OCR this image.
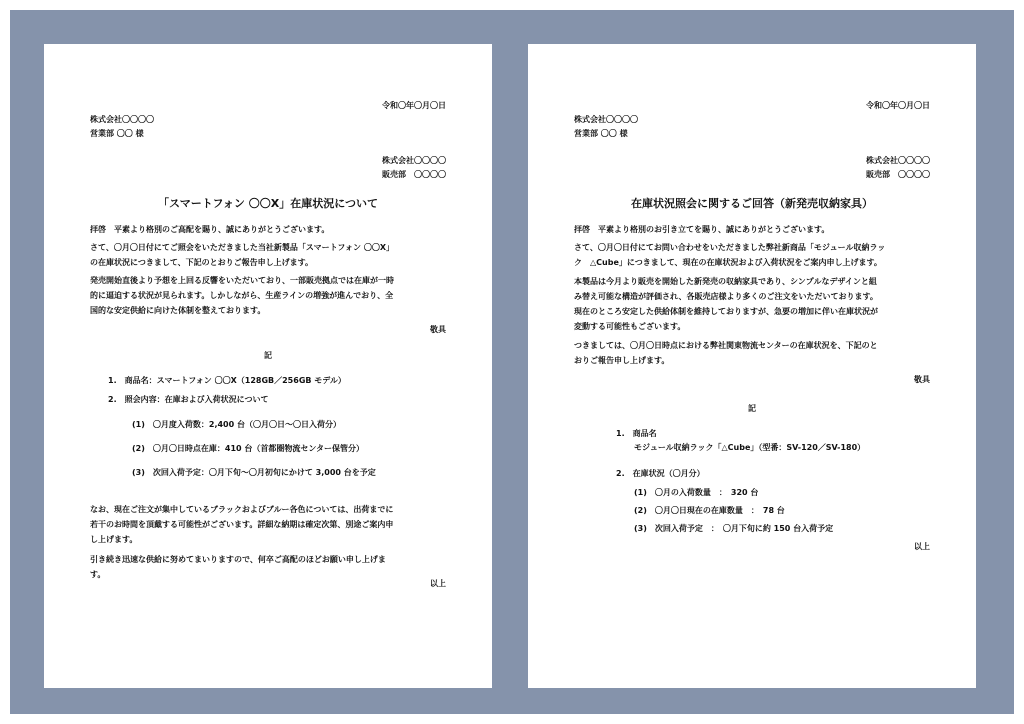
令和〇年〇月〇日
株式会社〇〇〇〇
営業部 〇〇 様
株式会社〇〇〇〇
販売部　〇〇〇〇
「スマートフォン 〇〇X」在庫状況について
拝啓　平素より格別のご高配を賜り、誠にありがとうございます。
さて、〇月〇日付にてご照会をいただきました当社新製品「スマートフォン 〇〇X」
の在庫状況につきまして、下記のとおりご報告申し上げます。
発売開始直後より予想を上回る反響をいただいており、一部販売拠点では在庫が一時
的に逼迫する状況が見られます。しかしながら、生産ラインの増強が進んでおり、全
国的な安定供給に向けた体制を整えております。
敬具
記
1.　商品名：スマートフォン 〇〇X（128GB／256GB モデル）
2.　照会内容：在庫および入荷状況について
(1)　〇月度入荷数：2,400 台（〇月〇日～〇日入荷分）
(2)　〇月〇日時点在庫：410 台（首都圏物流センター保管分）
(3)　次回入荷予定：〇月下旬～〇月初旬にかけて 3,000 台を予定
なお、現在ご注文が集中しているブラックおよびブルー各色については、出荷までに
若干のお時間を頂戴する可能性がございます。詳細な納期は確定次第、別途ご案内申
し上げます。
引き続き迅速な供給に努めてまいりますので、何卒ご高配のほどお願い申し上げま
す。
以上
令和〇年〇月〇日
株式会社〇〇〇〇
営業部 〇〇 様
株式会社〇〇〇〇
販売部　〇〇〇〇
在庫状況照会に関するご回答（新発売収納家具）
拝啓　平素より格別のお引き立てを賜り、誠にありがとうございます。
さて、〇月〇日付にてお問い合わせをいただきました弊社新商品「モジュール収納ラッ
ク　△Cube」につきまして、現在の在庫状況および入荷状況をご案内申し上げます。
本製品は今月より販売を開始した新発売の収納家具であり、シンプルなデザインと組
み替え可能な構造が評価され、各販売店様より多くのご注文をいただいております。
現在のところ安定した供給体制を維持しておりますが、急要の増加に伴い在庫状況が
変動する可能性もございます。
つきましては、〇月〇日時点における弊社関東物流センターの在庫状況を、下記のと
おりご報告申し上げます。
敬具
記
1.　商品名
モジュール収納ラック「△Cube」（型番：SV-120／SV-180）
2.　在庫状況（〇月分）
(1)　〇月の入荷数量　：　320 台
(2)　〇月〇日現在の在庫数量　：　78 台
(3)　次回入荷予定　：　〇月下旬に約 150 台入荷予定
以上
